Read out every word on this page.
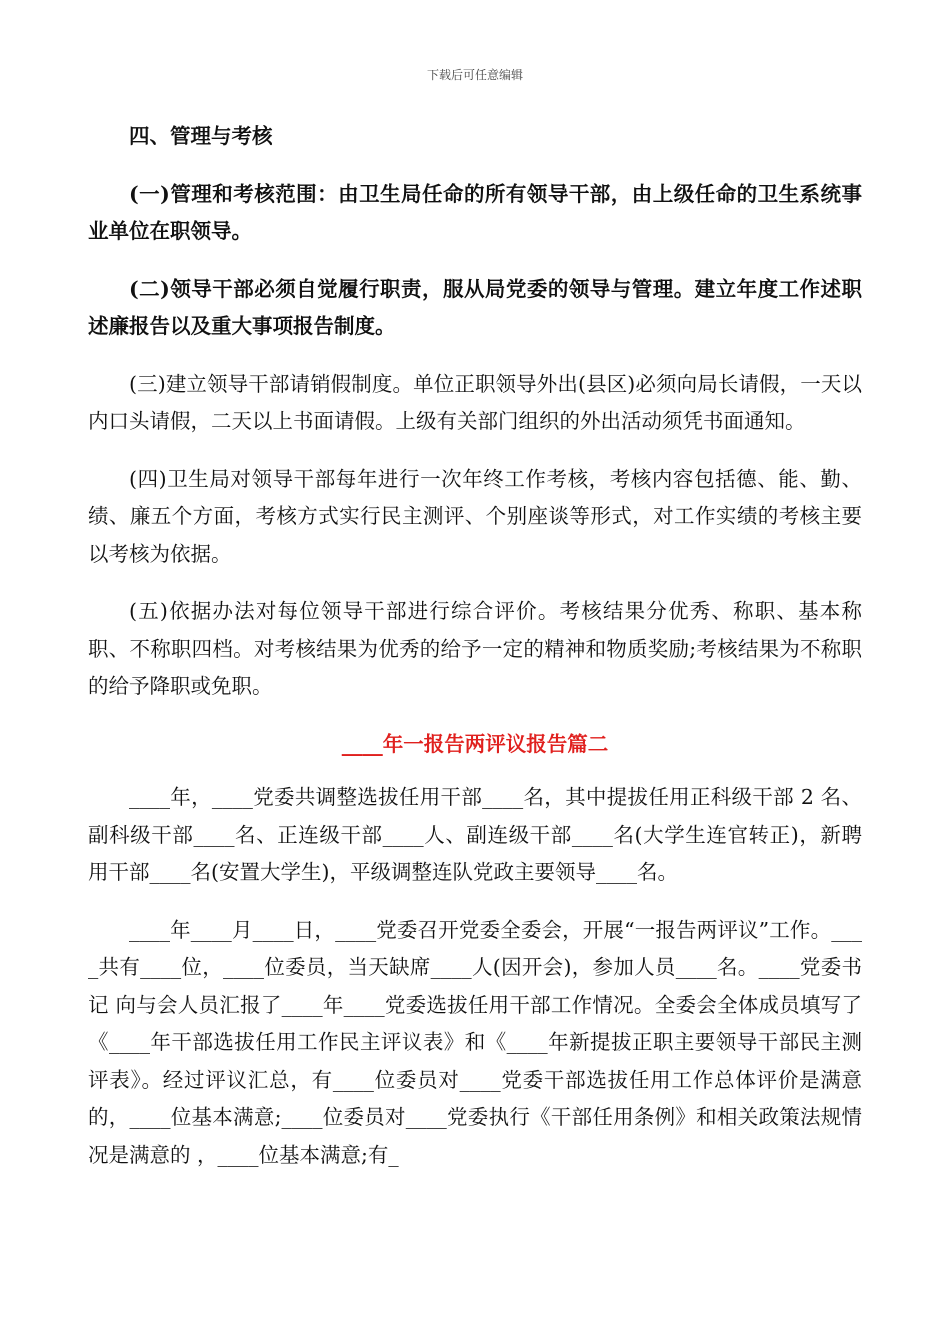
下载后可任意编辑

四、管理与考核

(一)管理和考核范围：由卫生局任命的所有领导干部，由上级任命的卫生系统事业单位在职领导。

(二)领导干部必须自觉履行职责，服从局党委的领导与管理。建立年度工作述职述廉报告以及重大事项报告制度。

(三)建立领导干部请销假制度。单位正职领导外出(县区)必须向局长请假，一天以内口头请假，二天以上书面请假。上级有关部门组织的外出活动须凭书面通知。

(四)卫生局对领导干部每年进行一次年终工作考核，考核内容包括德、能、勤、绩、廉五个方面，考核方式实行民主测评、个别座谈等形式，对工作实绩的考核主要以考核为依据。

(五)依据办法对每位领导干部进行综合评价。考核结果分优秀、称职、基本称职、不称职四档。对考核结果为优秀的给予一定的精神和物质奖励;考核结果为不称职的给予降职或免职。

____年一报告两评议报告篇二

____年，____党委共调整选拔任用干部____名，其中提拔任用正科级干部 2 名、副科级干部____名、正连级干部____人、副连级干部____名(大学生连官转正)，新聘用干部____名(安置大学生)，平级调整连队党政主要领导____名。

____年____月____日，____党委召开党委全委会，开展“一报告两评议”工作。____共有____位，____位委员，当天缺席____人(因开会)，参加人员____名。____党委书记 向与会人员汇报了____年____党委选拔任用干部工作情况。全委会全体成员填写了《____年干部选拔任用工作民主评议表》和《____年新提拔正职主要领导干部民主测评表》。经过评议汇总，有____位委员对____党委干部选拔任用工作总体评价是满意的，____位基本满意;____位委员对____党委执行《干部任用条例》和相关政策法规情况是满意的 ，____位基本满意;有_
